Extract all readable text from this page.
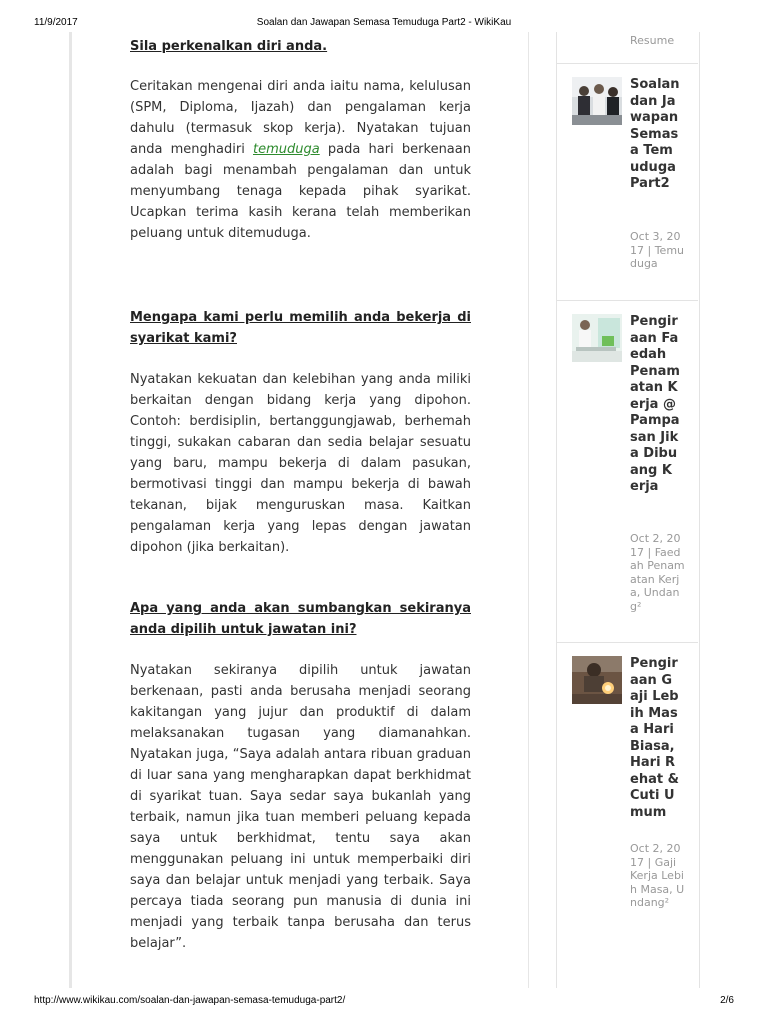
11/9/2017	Soalan dan Jawapan Semasa Temuduga Part2 - WikiKau
Sila perkenalkan diri anda.
Ceritakan mengenai diri anda iaitu nama, kelulusan (SPM, Diploma, Ijazah) dan pengalaman kerja dahulu (termasuk skop kerja). Nyatakan tujuan anda menghadiri temuduga pada hari berkenaan adalah bagi menambah pengalaman dan untuk menyumbang tenaga kepada pihak syarikat. Ucapkan terima kasih kerana telah memberikan peluang untuk ditemuduga.
Mengapa kami perlu memilih anda bekerja di syarikat kami?
Nyatakan kekuatan dan kelebihan yang anda miliki berkaitan dengan bidang kerja yang dipohon. Contoh: berdisiplin, bertanggungjawab, berhemah tinggi, sukakan cabaran dan sedia belajar sesuatu yang baru, mampu bekerja di dalam pasukan, bermotivasi tinggi dan mampu bekerja di bawah tekanan, bijak menguruskan masa. Kaitkan pengalaman kerja yang lepas dengan jawatan dipohon (jika berkaitan).
Apa yang anda akan sumbangkan sekiranya anda dipilih untuk jawatan ini?
Nyatakan sekiranya dipilih untuk jawatan berkenaan, pasti anda berusaha menjadi seorang kakitangan yang jujur dan produktif di dalam melaksanakan tugasan yang diamanahkan. Nyatakan juga, “Saya adalah antara ribuan graduan di luar sana yang mengharapkan dapat berkhidmat di syarikat tuan. Saya sedar saya bukanlah yang terbaik, namun jika tuan memberi peluang kepada saya untuk berkhidmat, tentu saya akan menggunakan peluang ini untuk memperbaiki diri saya dan belajar untuk menjadi yang terbaik. Saya percaya tiada seorang pun manusia di dunia ini menjadi yang terbaik tanpa berusaha dan terus belajar”.
Resume
Soalan dan Jawapan Semasa Temuduga Part2
Oct 3, 2017 | Temuduga
Pengiraan Faedah Penamatan Kerja @ Pampasan Jika Dibuang Kerja
Oct 2, 2017 | Faedah Penamatan Kerja, Undang²
Pengiraan Gaji Lebih Masa Hari Biasa, Hari Rehat & Cuti Umum
Oct 2, 2017 | Gaji Kerja Lebih Masa, Undang²
http://www.wikikau.com/soalan-dan-jawapan-semasa-temuduga-part2/	2/6
